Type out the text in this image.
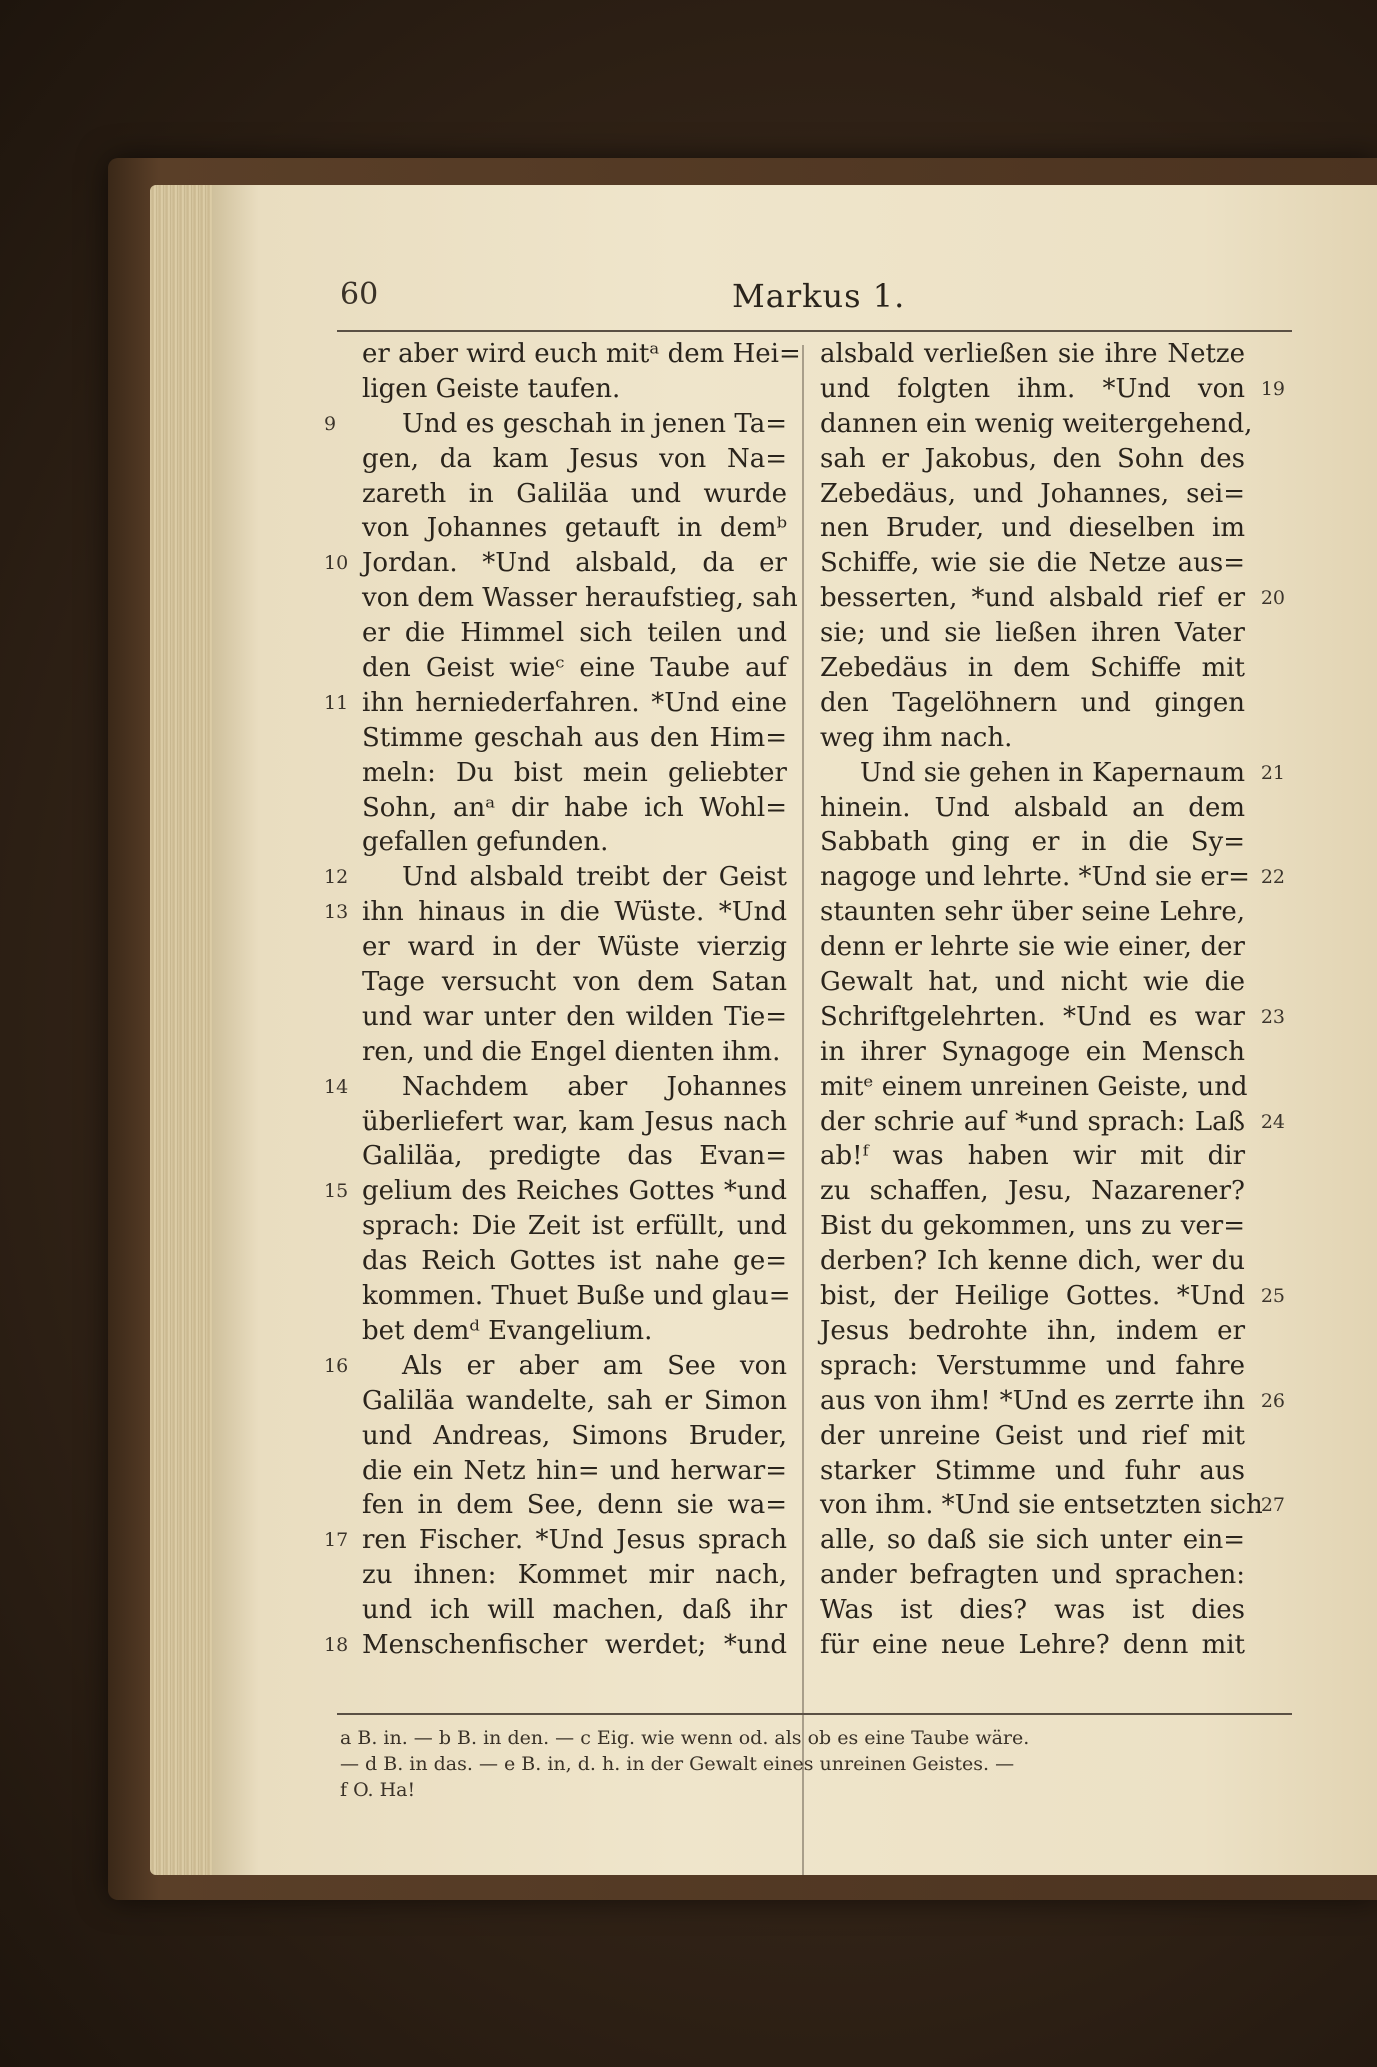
60	Markus 1.
er aber wird euch mitᵃ dem Hei=
ligen Geiste taufen.
Und es geschah in jenen Ta=
9
gen, da kam Jesus von Na=
zareth in Galiläa und wurde
von Johannes getauft in demᵇ
Jordan. *Und alsbald, da er
10
von dem Wasser heraufstieg, sah
er die Himmel sich teilen und
den Geist wieᶜ eine Taube auf
ihn herniederfahren. *Und eine
11
Stimme geschah aus den Him=
meln: Du bist mein geliebter
Sohn, anᵃ dir habe ich Wohl=
gefallen gefunden.
Und alsbald treibt der Geist
12
ihn hinaus in die Wüste. *Und
13
er ward in der Wüste vierzig
Tage versucht von dem Satan
und war unter den wilden Tie=
ren, und die Engel dienten ihm.
Nachdem aber Johannes
14
überliefert war, kam Jesus nach
Galiläa, predigte das Evan=
gelium des Reiches Gottes *und
15
sprach: Die Zeit ist erfüllt, und
das Reich Gottes ist nahe ge=
kommen. Thuet Buße und glau=
bet demᵈ Evangelium.
Als er aber am See von
16
Galiläa wandelte, sah er Simon
und Andreas, Simons Bruder,
die ein Netz hin= und herwar=
fen in dem See, denn sie wa=
ren Fischer. *Und Jesus sprach
17
zu ihnen: Kommet mir nach,
und ich will machen, daß ihr
Menschenfischer werdet; *und
18
alsbald verließen sie ihre Netze
und folgten ihm. *Und von 19
dannen ein wenig weitergehend,
sah er Jakobus, den Sohn des
Zebedäus, und Johannes, sei=
nen Bruder, und dieselben im
Schiffe, wie sie die Netze aus=
besserten, *und alsbald rief er 20
sie; und sie ließen ihren Vater
Zebedäus in dem Schiffe mit
den Tagelöhnern und gingen
weg ihm nach.
Und sie gehen in Kapernaum 21
hinein. Und alsbald an dem
Sabbath ging er in die Sy=
nagoge und lehrte. *Und sie er= 22
staunten sehr über seine Lehre,
denn er lehrte sie wie einer, der
Gewalt hat, und nicht wie die
Schriftgelehrten. *Und es war 23
in ihrer Synagoge ein Mensch
mitᵉ einem unreinen Geiste, und
der schrie auf *und sprach: Laß 24
ab!ᶠ was haben wir mit dir
zu schaffen, Jesu, Nazarener?
Bist du gekommen, uns zu ver=
derben? Ich kenne dich, wer du
bist, der Heilige Gottes. *Und 25
Jesus bedrohte ihn, indem er
sprach: Verstumme und fahre
aus von ihm! *Und es zerrte ihn 26
der unreine Geist und rief mit
starker Stimme und fuhr aus
von ihm. *Und sie entsetzten sich
27
alle, so daß sie sich unter ein=
ander befragten und sprachen:
Was ist dies? was ist dies
für eine neue Lehre? denn mit
a B. in. — b B. in den. — c Eig. wie wenn od. als ob es eine Taube wäre.
— d B. in das. — e B. in, d. h. in der Gewalt eines unreinen Geistes. —
f O. Ha!
